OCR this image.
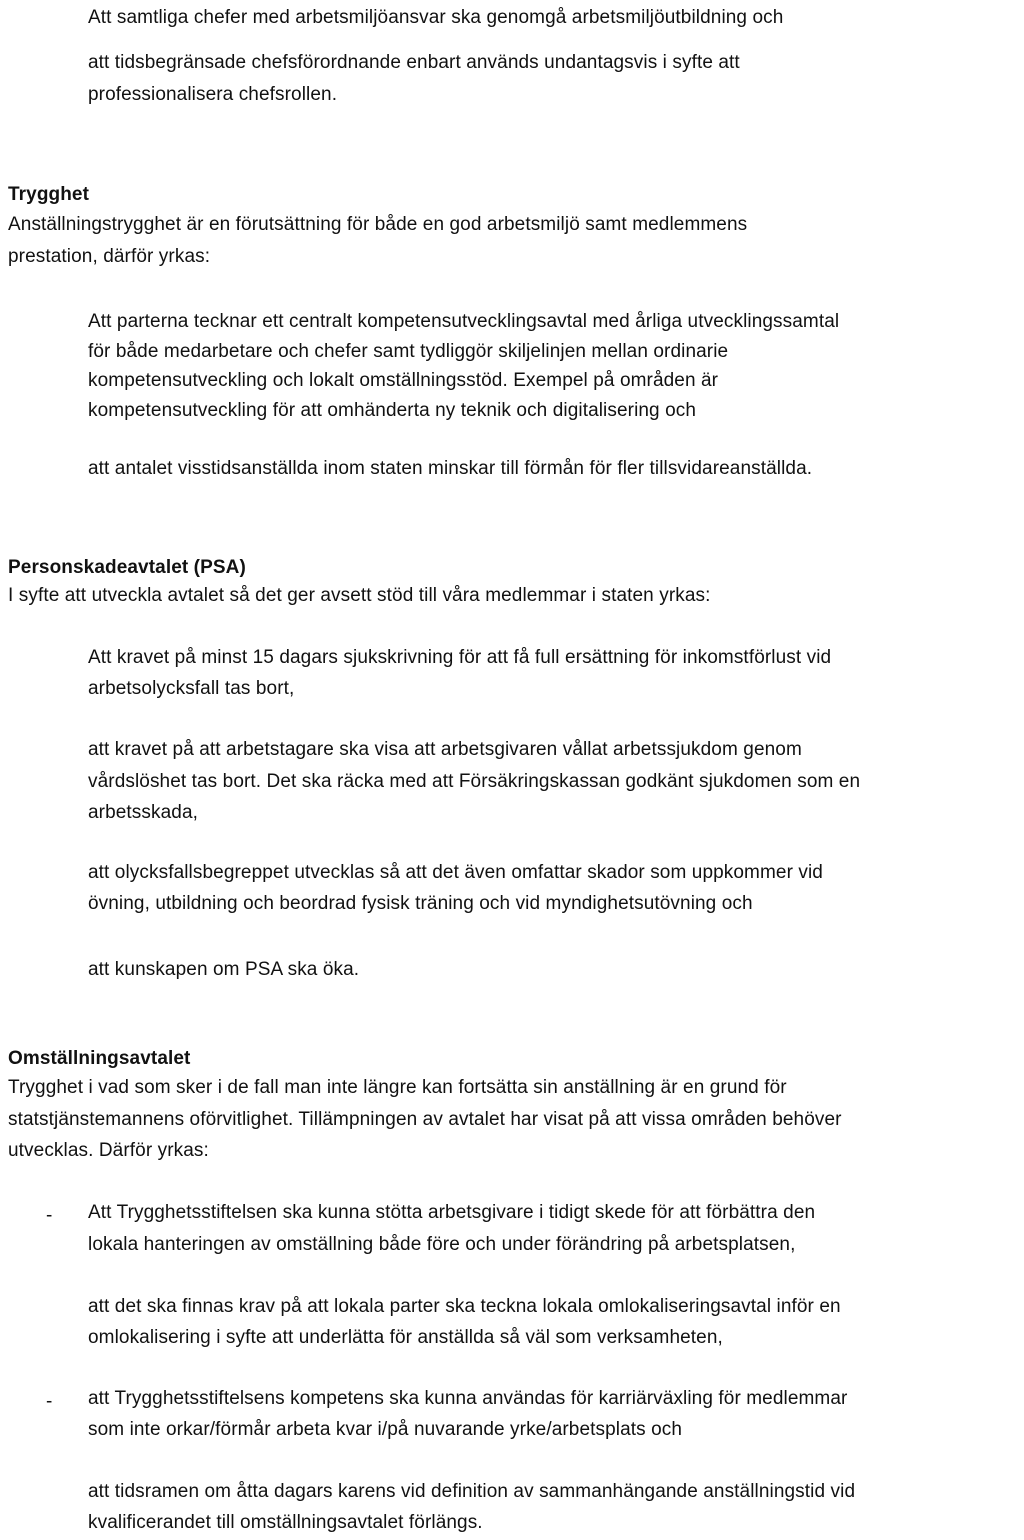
Att samtliga chefer med arbetsmiljöansvar ska genomgå arbetsmiljöutbildning och
att tidsbegränsade chefsförordnande enbart används undantagsvis i syfte att
professionalisera chefsrollen.
Trygghet
Anställningstrygghet är en förutsättning för både en god arbetsmiljö samt medlemmens
prestation, därför yrkas:
Att parterna tecknar ett centralt kompetensutvecklingsavtal med årliga utvecklingssamtal
för både medarbetare och chefer samt tydliggör skiljelinjen mellan ordinarie
kompetensutveckling och lokalt omställningsstöd. Exempel på områden är
kompetensutveckling för att omhänderta ny teknik och digitalisering och
att antalet visstidsanställda inom staten minskar till förmån för fler tillsvidareanställda.
Personskadeavtalet (PSA)
I syfte att utveckla avtalet så det ger avsett stöd till våra medlemmar i staten yrkas:
Att kravet på minst 15 dagars sjukskrivning för att få full ersättning för inkomstförlust vid
arbetsolycksfall tas bort,
att kravet på att arbetstagare ska visa att arbetsgivaren vållat arbetssjukdom genom
vårdslöshet tas bort. Det ska räcka med att Försäkringskassan godkänt sjukdomen som en
arbetsskada,
att olycksfallsbegreppet utvecklas så att det även omfattar skador som uppkommer vid
övning, utbildning och beordrad fysisk träning och vid myndighetsutövning och
att kunskapen om PSA ska öka.
Omställningsavtalet
Trygghet i vad som sker i de fall man inte längre kan fortsätta sin anställning är en grund för
statstjänstemannens oförvitlighet. Tillämpningen av avtalet har visat på att vissa områden behöver
utvecklas. Därför yrkas:
- Att Trygghetsstiftelsen ska kunna stötta arbetsgivare i tidigt skede för att förbättra den
lokala hanteringen av omställning både före och under förändring på arbetsplatsen,
att det ska finnas krav på att lokala parter ska teckna lokala omlokaliseringsavtal inför en
omlokalisering i syfte att underlätta för anställda så väl som verksamheten,
- att Trygghetsstiftelsens kompetens ska kunna användas för karriärväxling för medlemmar
som inte orkar/förmår arbeta kvar i/på nuvarande yrke/arbetsplats och
att tidsramen om åtta dagars karens vid definition av sammanhängande anställningstid vid
kvalificerandet till omställningsavtalet förlängs.
